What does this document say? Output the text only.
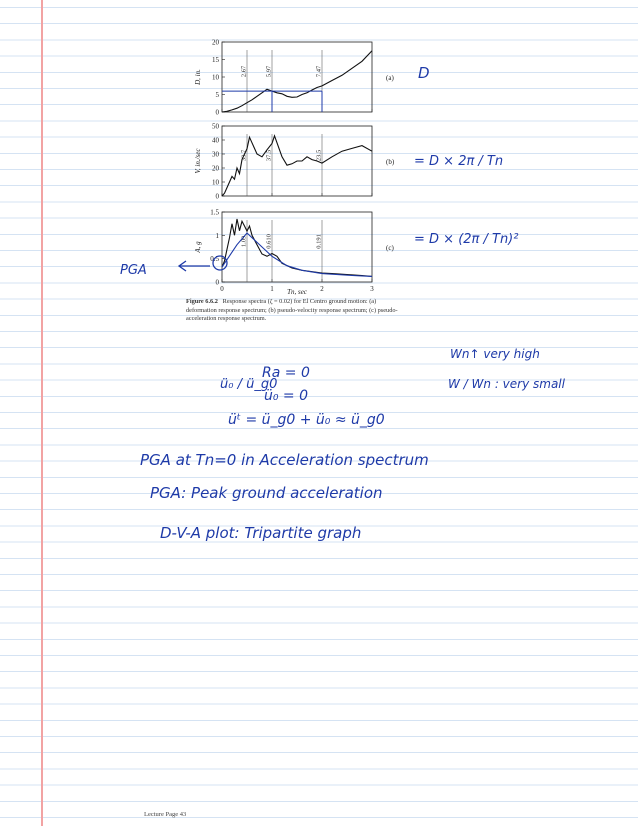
0
5
10
15
20
2.67	5.97	7.47
D, in.	(a)
0
10
20
30
40
50
33.7	37.5	23.5
V, in./sec	(b)
0
0.5
1
1.5
0	1	2	3
1.09	0.610	0.191
A, g	(c)
Tn, sec
Figure 6.6.2 Response spectra (ζ = 0.02) for El Centro ground motion: (a) deformation response spectrum; (b) pseudo-velocity response spectrum; (c) pseudo-acceleration response spectrum.
D
= D × 2π / Tn
= D × (2π / Tn)²
PGA
ü₀ / ü_g0
Ra = 0
ü₀ = 0
üᵗ = ü_g0 + ü₀ ≈ ü_g0
Wn↑ very high
W / Wn : very small
PGA at Tn=0 in Acceleration spectrum
PGA: Peak ground acceleration
D-V-A plot: Tripartite graph
Lecture Page 43
